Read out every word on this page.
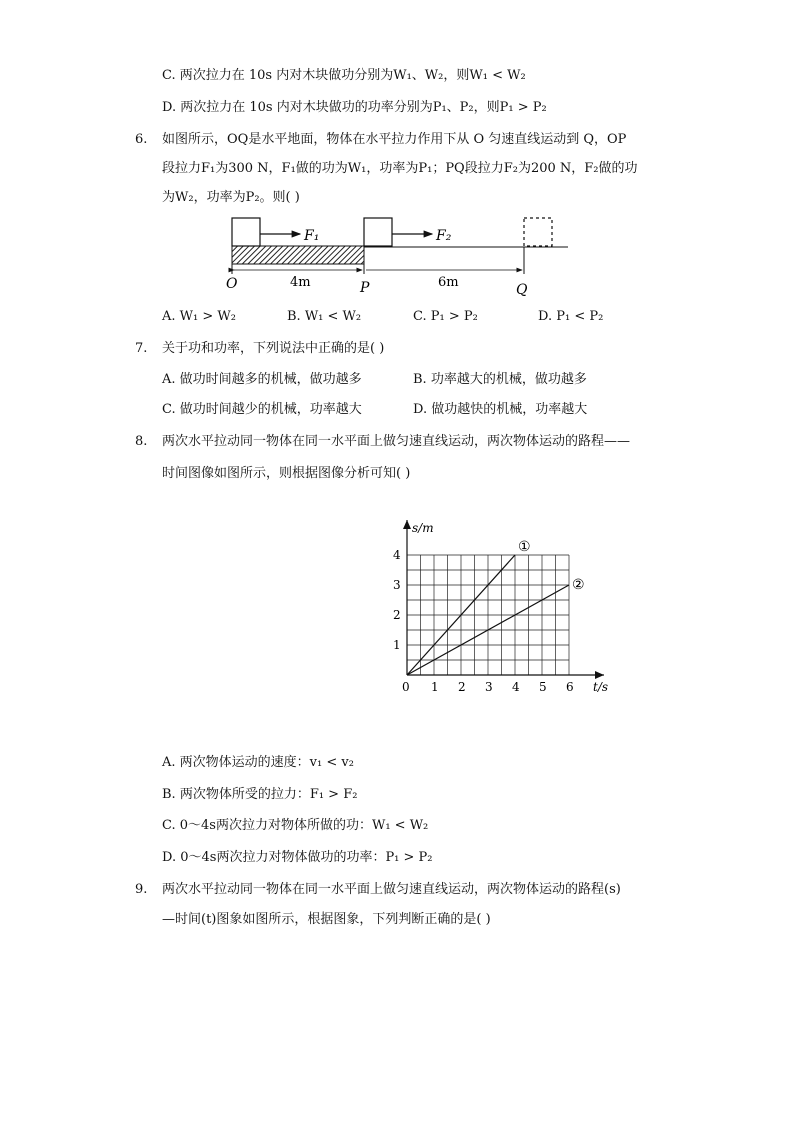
C. 两次拉力在 10s 内对木块做功分别为W₁、W₂，则W₁ < W₂
D. 两次拉力在 10s 内对木块做功的功率分别为P₁、P₂，则P₁ > P₂
6. 如图所示，OQ是水平地面，物体在水平拉力作用下从 O 匀速直线运动到 Q，OP
段拉力F₁为300 N，F₁做的功为W₁，功率为P₁；PQ段拉力F₂为200 N，F₂做的功
为W₂，功率为P₂。则( )
F₁	F₂
4m	6m
O	P	Q
A. W₁ > W₂	B. W₁ < W₂	C. P₁ > P₂	D. P₁ < P₂
7. 关于功和功率，下列说法中正确的是( )
A. 做功时间越多的机械，做功越多	B. 功率越大的机械，做功越多
C. 做功时间越少的机械，功率越大	D. 做功越快的机械，功率越大
8. 两次水平拉动同一物体在同一水平面上做匀速直线运动，两次物体运动的路程——
时间图像如图所示，则根据图像分析可知( )
0 1 2 3 4 5 6
1
2
3
4
t/s
s/m
①
②
A. 两次物体运动的速度：v₁ < v₂
B. 两次物体所受的拉力：F₁ > F₂
C. 0～4s两次拉力对物体所做的功：W₁ < W₂
D. 0～4s两次拉力对物体做功的功率：P₁ > P₂
9. 两次水平拉动同一物体在同一水平面上做匀速直线运动，两次物体运动的路程(s)
—时间(t)图象如图所示，根据图象，下列判断正确的是( )
